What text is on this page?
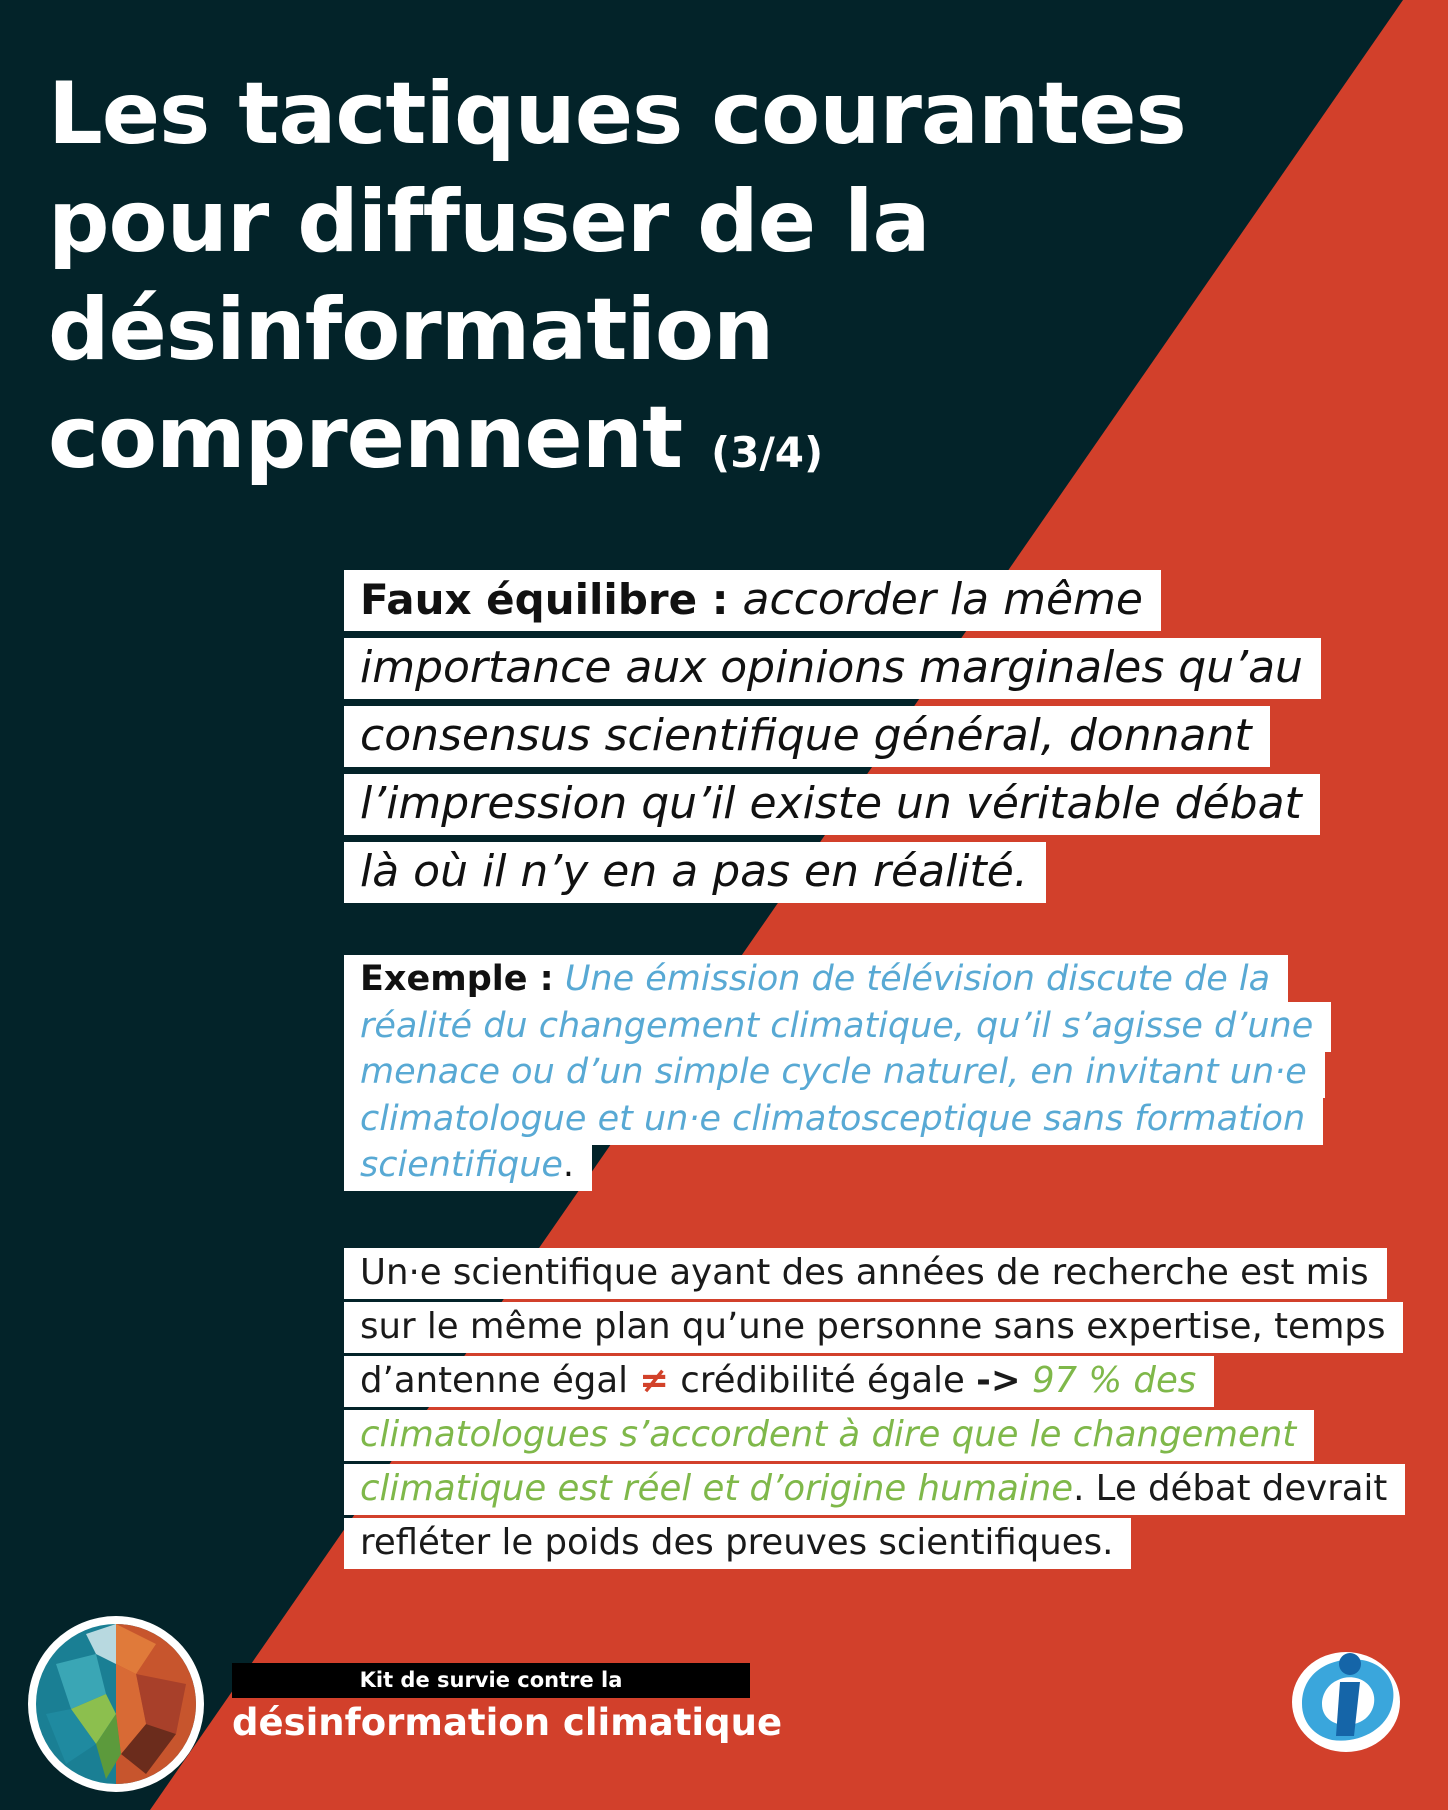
Les tactiques courantes pour diffuser de la désinformation comprennent (3/4)
Faux équilibre : accorder la même importance aux opinions marginales qu’au consensus scientifique général, donnant l’impression qu’il existe un véritable débat là où il n’y en a pas en réalité.
Exemple : Une émission de télévision discute de la réalité du changement climatique, qu’il s’agisse d’une menace ou d’un simple cycle naturel, en invitant un·e climatologue et un·e climatosceptique sans formation scientifique.
Un·e scientifique ayant des années de recherche est mis sur le même plan qu’une personne sans expertise, temps d’antenne égal ≠ crédibilité égale -> 97 % des climatologues s’accordent à dire que le changement climatique est réel et d’origine humaine. Le débat devrait refléter le poids des preuves scientifiques.
Kit de survie contre la
désinformation climatique
